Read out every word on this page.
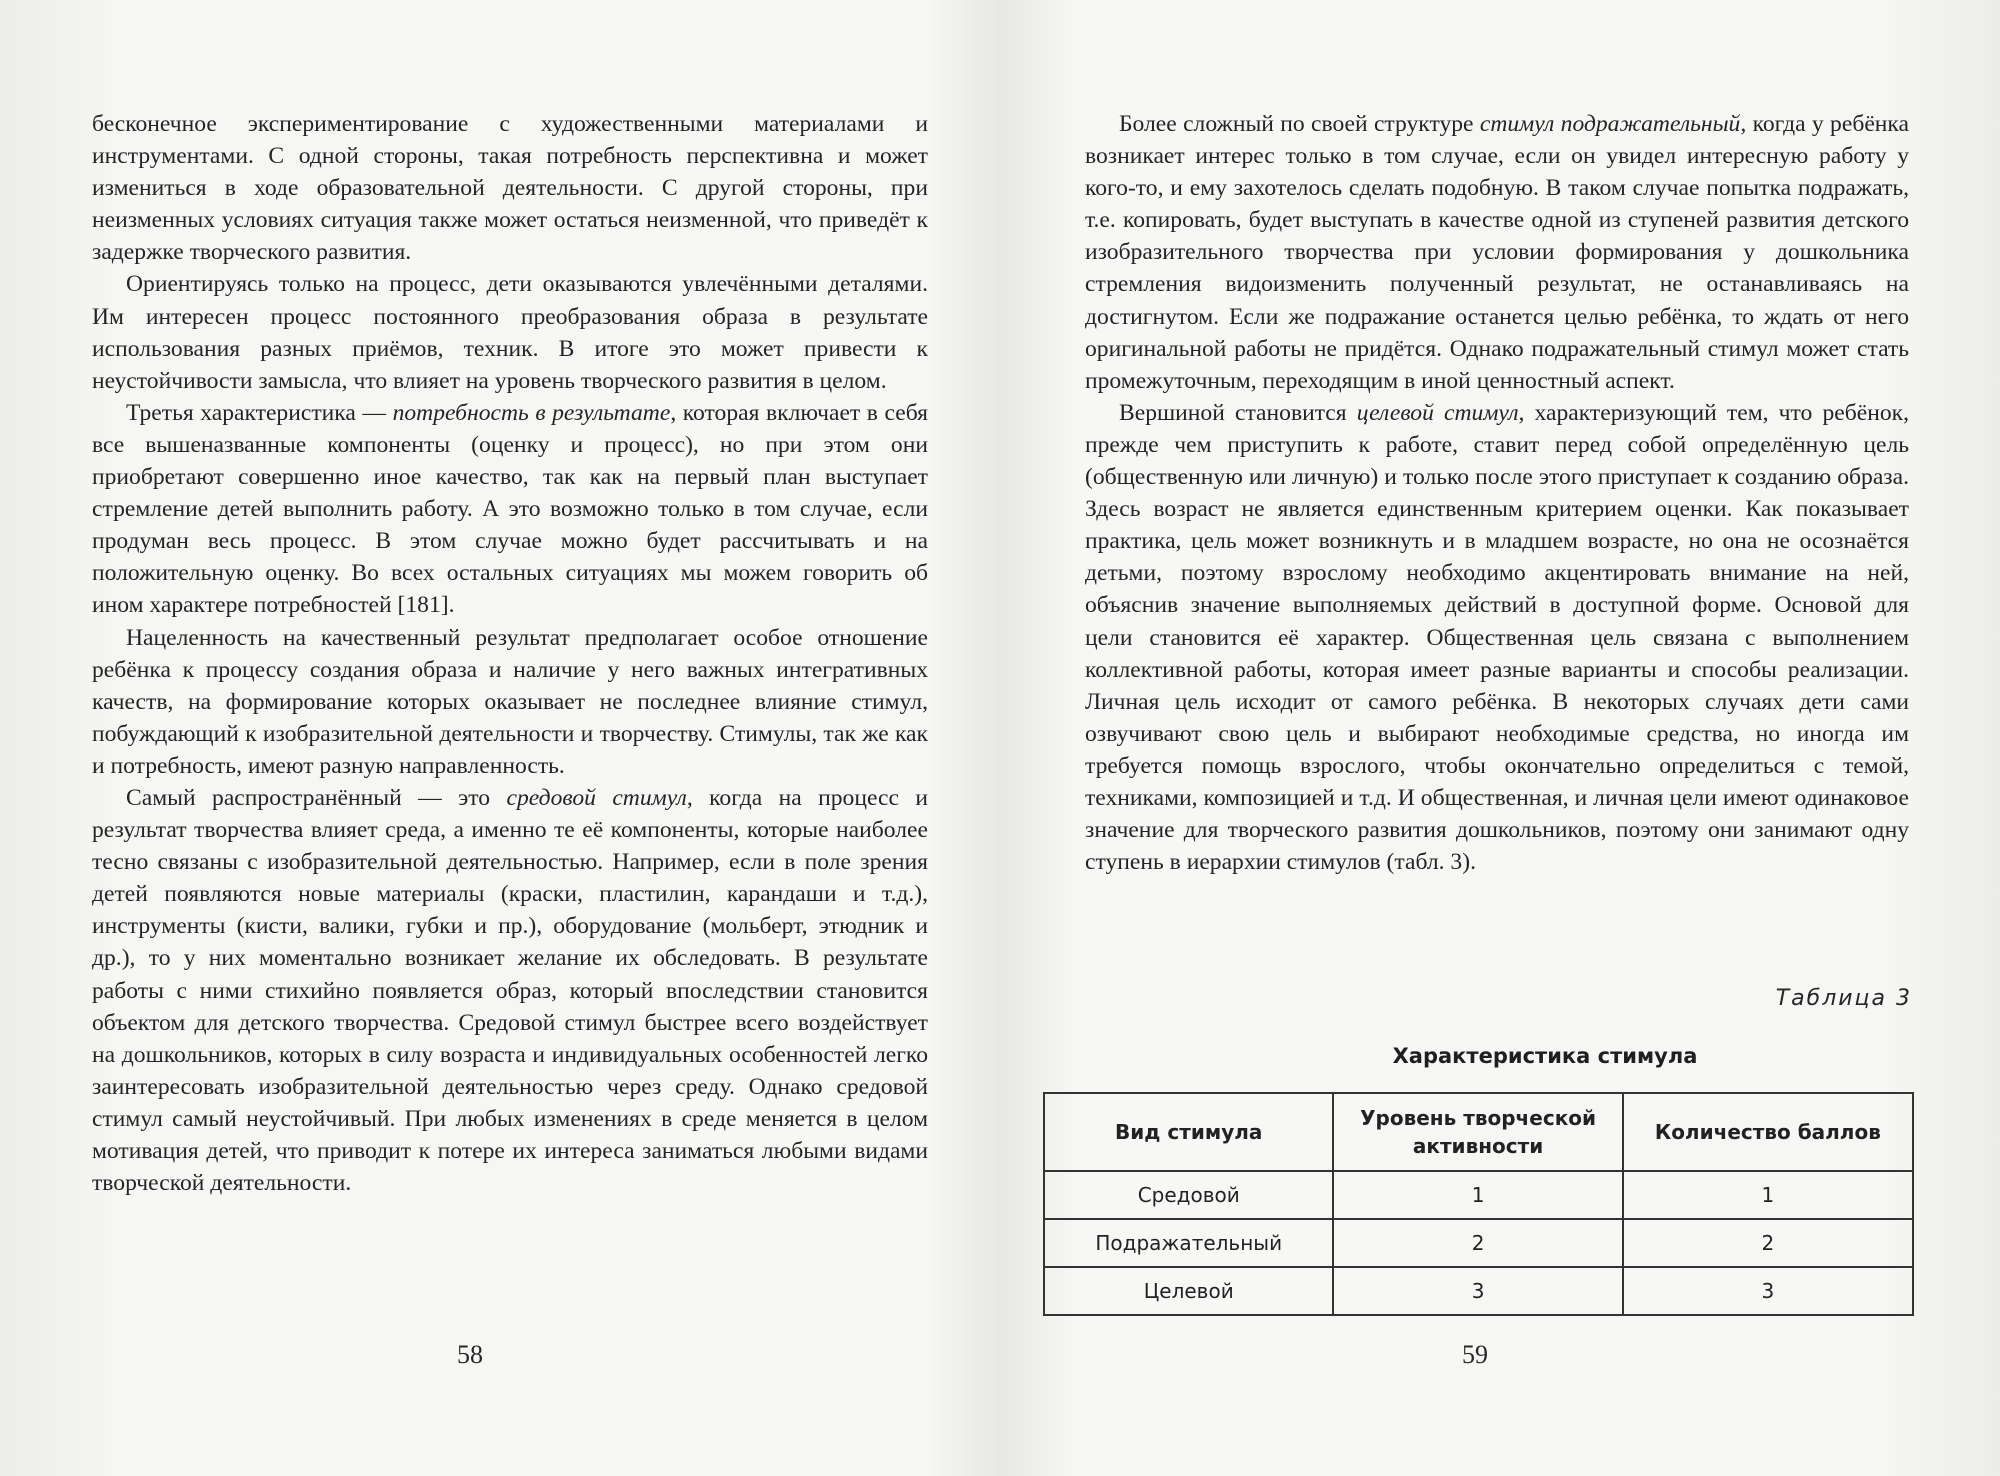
бесконечное экспериментирование с художественными материалами и инструментами. С одной стороны, такая потребность перспективна и может измениться в ходе образовательной деятельности. С другой стороны, при неизменных условиях ситуация также может остаться неизменной, что приведёт к задержке творческого развития.

Ориентируясь только на процесс, дети оказываются увлечёнными деталями. Им интересен процесс постоянного преобразования образа в результате использования разных приёмов, техник. В итоге это может привести к неустойчивости замысла, что влияет на уровень творческого развития в целом.

Третья характеристика — потребность в результате, которая включает в себя все вышеназванные компоненты (оценку и процесс), но при этом они приобретают совершенно иное качество, так как на первый план выступает стремление детей выполнить работу. А это возможно только в том случае, если продуман весь процесс. В этом случае можно будет рассчитывать и на положительную оценку. Во всех остальных ситуациях мы можем говорить об ином характере потребностей [181].

Нацеленность на качественный результат предполагает особое отношение ребёнка к процессу создания образа и наличие у него важных интегративных качеств, на формирование которых оказывает не последнее влияние стимул, побуждающий к изобразительной деятельности и творчеству. Стимулы, так же как и потребность, имеют разную направленность.

Самый распространённый — это средовой стимул, когда на процесс и результат творчества влияет среда, а именно те её компоненты, которые наиболее тесно связаны с изобразительной деятельностью. Например, если в поле зрения детей появляются новые материалы (краски, пластилин, карандаши и т.д.), инструменты (кисти, валики, губки и пр.), оборудование (мольберт, этюдник и др.), то у них моментально возникает желание их обследовать. В результате работы с ними стихийно появляется образ, который впоследствии становится объектом для детского творчества. Средовой стимул быстрее всего воздействует на дошкольников, которых в силу возраста и индивидуальных особенностей легко заинтересовать изобразительной деятельностью через среду. Однако средовой стимул самый неустойчивый. При любых изменениях в среде меняется в целом мотивация детей, что приводит к потере их интереса заниматься любыми видами творческой деятельности.

58

Более сложный по своей структуре стимул подражательный, когда у ребёнка возникает интерес только в том случае, если он увидел интересную работу у кого-то, и ему захотелось сделать подобную. В таком случае попытка подражать, т.е. копировать, будет выступать в качестве одной из ступеней развития детского изобразительного творчества при условии формирования у дошкольника стремления видоизменить полученный результат, не останавливаясь на достигнутом. Если же подражание останется целью ребёнка, то ждать от него оригинальной работы не придётся. Однако подражательный стимул может стать промежуточным, переходящим в иной ценностный аспект.

Вершиной становится целевой стимул, характеризующий тем, что ребёнок, прежде чем приступить к работе, ставит перед собой определённую цель (общественную или личную) и только после этого приступает к созданию образа. Здесь возраст не является единственным критерием оценки. Как показывает практика, цель может возникнуть и в младшем возрасте, но она не осознаётся детьми, поэтому взрослому необходимо акцентировать внимание на ней, объяснив значение выполняемых действий в доступной форме. Основой для цели становится её характер. Общественная цель связана с выполнением коллективной работы, которая имеет разные варианты и способы реализации. Личная цель исходит от самого ребёнка. В некоторых случаях дети сами озвучивают свою цель и выбирают необходимые средства, но иногда им требуется помощь взрослого, чтобы окончательно определиться с темой, техниками, композицией и т.д. И общественная, и личная цели имеют одинаковое значение для творческого развития дошкольников, поэтому они занимают одну ступень в иерархии стимулов (табл. 3).

Таблица 3
Характеристика стимула
Вид стимула	Уровень творческой активности	Количество баллов
Средовой	1	1
Подражательный	2	2
Целевой	3	3
59
